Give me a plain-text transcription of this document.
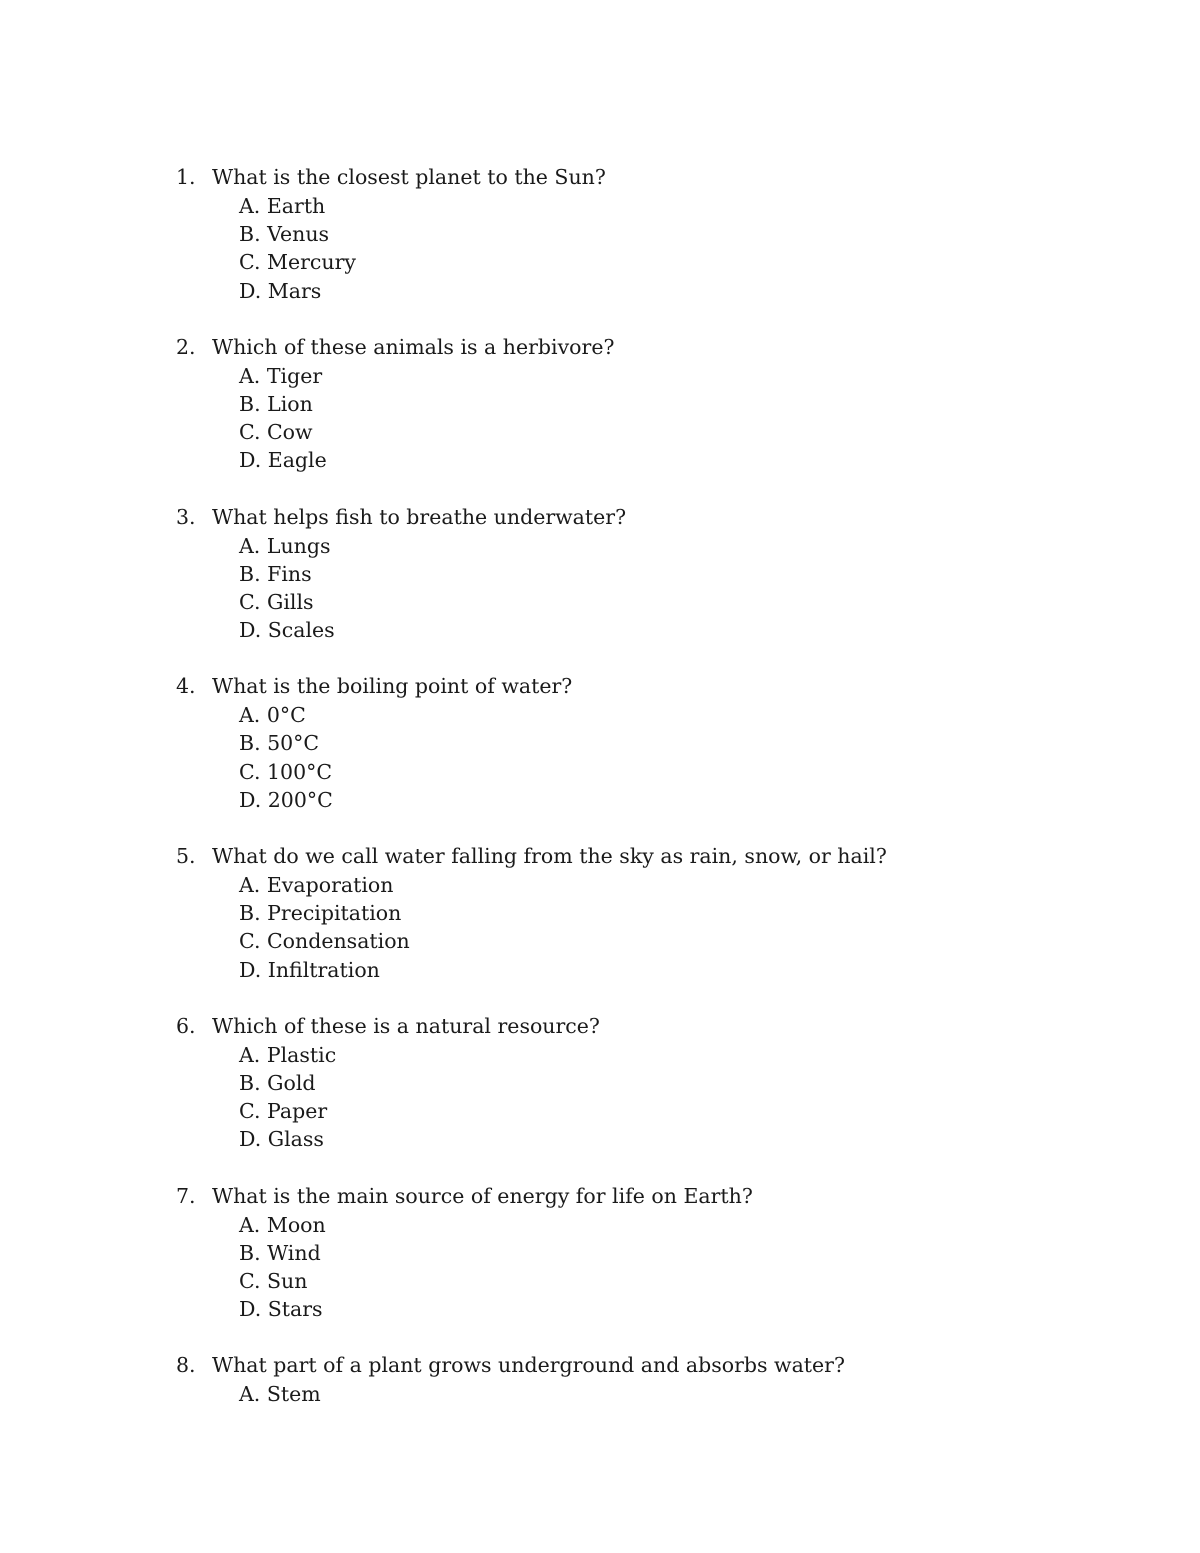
1. What is the closest planet to the Sun?
A. Earth
B. Venus
C. Mercury
D. Mars
2. Which of these animals is a herbivore?
A. Tiger
B. Lion
C. Cow
D. Eagle
3. What helps fish to breathe underwater?
A. Lungs
B. Fins
C. Gills
D. Scales
4. What is the boiling point of water?
A. 0°C
B. 50°C
C. 100°C
D. 200°C
5. What do we call water falling from the sky as rain, snow, or hail?
A. Evaporation
B. Precipitation
C. Condensation
D. Infiltration
6. Which of these is a natural resource?
A. Plastic
B. Gold
C. Paper
D. Glass
7. What is the main source of energy for life on Earth?
A. Moon
B. Wind
C. Sun
D. Stars
8. What part of a plant grows underground and absorbs water?
A. Stem
